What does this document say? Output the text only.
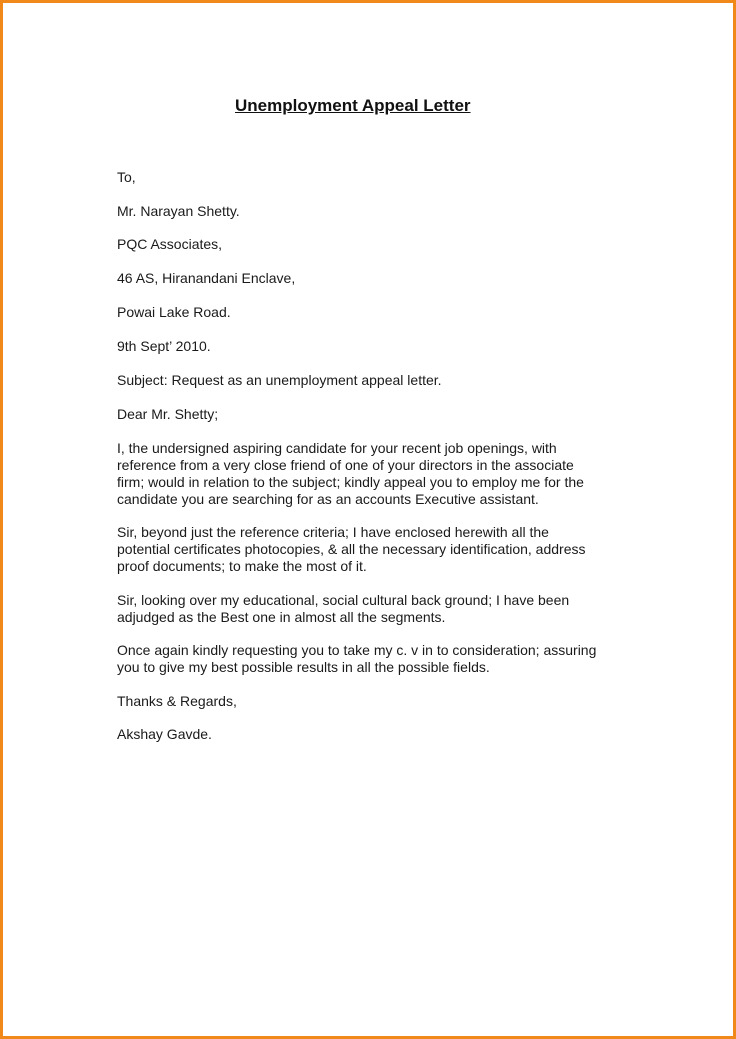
Unemployment Appeal Letter
To,
Mr. Narayan Shetty.
PQC Associates,
46 AS, Hiranandani Enclave,
Powai Lake Road.
9th Sept’ 2010.
Subject: Request as an unemployment appeal letter.
Dear Mr. Shetty;
I, the undersigned aspiring candidate for your recent job openings, with
reference from a very close friend of one of your directors in the associate
firm; would in relation to the subject; kindly appeal you to employ me for the
candidate you are searching for as an accounts Executive assistant.
Sir, beyond just the reference criteria; I have enclosed herewith all the
potential certificates photocopies, & all the necessary identification, address
proof documents; to make the most of it.
Sir, looking over my educational, social cultural back ground; I have been
adjudged as the Best one in almost all the segments.
Once again kindly requesting you to take my c. v in to consideration; assuring
you to give my best possible results in all the possible fields.
Thanks & Regards,
Akshay Gavde.
